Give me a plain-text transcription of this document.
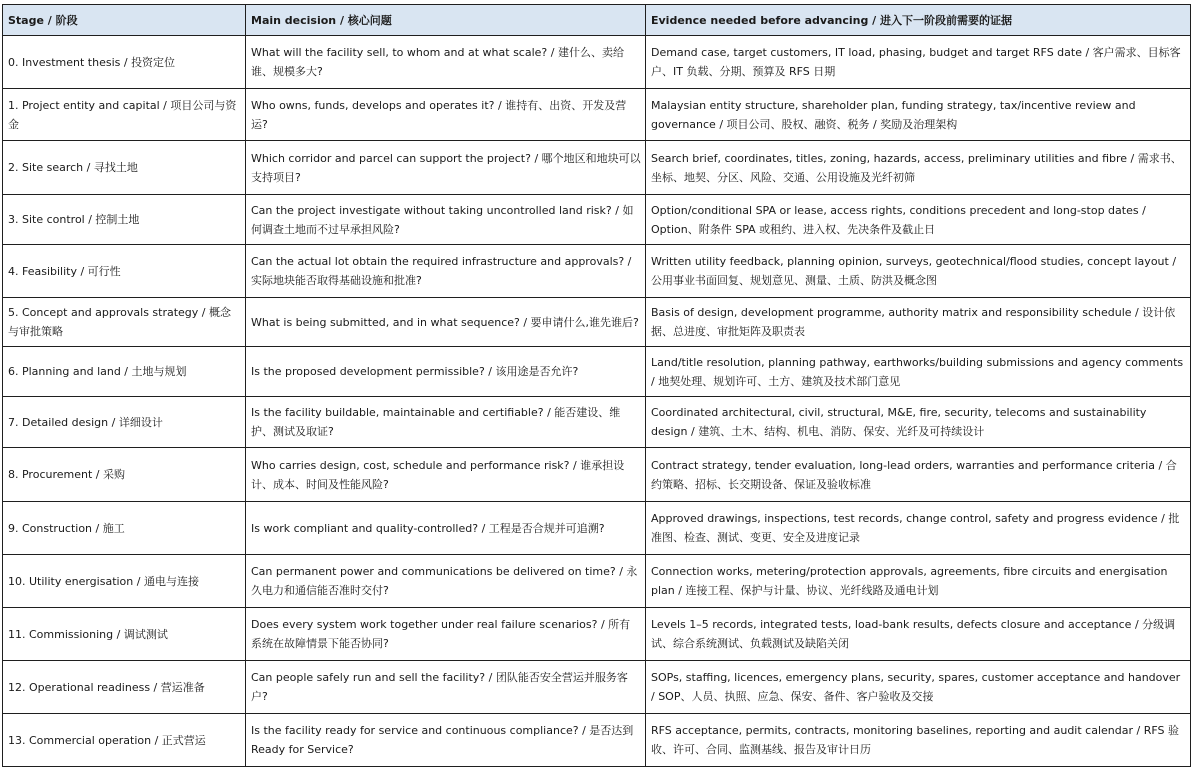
Stage / 阶段	Main decision / 核心问题	Evidence needed before advancing / 进入下一阶段前需要的证据
0. Investment thesis / 投资定位	What will the facility sell, to whom and at what scale? / 建什么、卖给谁、规模多大?	Demand case, target customers, IT load, phasing, budget and target RFS date / 客户需求、目标客户、IT 负载、分期、预算及 RFS 日期
1. Project entity and capital / 项目公司与资金	Who owns, funds, develops and operates it? / 谁持有、出资、开发及营运?	Malaysian entity structure, shareholder plan, funding strategy, tax/incentive review and governance / 项目公司、股权、融资、税务 / 奖励及治理架构
2. Site search / 寻找土地	Which corridor and parcel can support the project? / 哪个地区和地块可以支持项目?	Search brief, coordinates, titles, zoning, hazards, access, preliminary utilities and fibre / 需求书、坐标、地契、分区、风险、交通、公用设施及光纤初筛
3. Site control / 控制土地	Can the project investigate without taking uncontrolled land risk? / 如何调查土地而不过早承担风险?	Option/conditional SPA or lease, access rights, conditions precedent and long-stop dates / Option、附条件 SPA 或租约、进入权、先决条件及截止日
4. Feasibility / 可行性	Can the actual lot obtain the required infrastructure and approvals? / 实际地块能否取得基础设施和批准?	Written utility feedback, planning opinion, surveys, geotechnical/flood studies, concept layout / 公用事业书面回复、规划意见、测量、土质、防洪及概念图
5. Concept and approvals strategy / 概念与审批策略	What is being submitted, and in what sequence? / 要申请什么,谁先谁后?	Basis of design, development programme, authority matrix and responsibility schedule / 设计依据、总进度、审批矩阵及职责表
6. Planning and land / 土地与规划	Is the proposed development permissible? / 该用途是否允许?	Land/title resolution, planning pathway, earthworks/building submissions and agency comments / 地契处理、规划许可、土方、建筑及技术部门意见
7. Detailed design / 详细设计	Is the facility buildable, maintainable and certifiable? / 能否建设、维护、测试及取证?	Coordinated architectural, civil, structural, M&E, fire, security, telecoms and sustainability design / 建筑、土木、结构、机电、消防、保安、光纤及可持续设计
8. Procurement / 采购	Who carries design, cost, schedule and performance risk? / 谁承担设计、成本、时间及性能风险?	Contract strategy, tender evaluation, long-lead orders, warranties and performance criteria / 合约策略、招标、长交期设备、保证及验收标准
9. Construction / 施工	Is work compliant and quality-controlled? / 工程是否合规并可追溯?	Approved drawings, inspections, test records, change control, safety and progress evidence / 批准图、检查、测试、变更、安全及进度记录
10. Utility energisation / 通电与连接	Can permanent power and communications be delivered on time? / 永久电力和通信能否准时交付?	Connection works, metering/protection approvals, agreements, fibre circuits and energisation plan / 连接工程、保护与计量、协议、光纤线路及通电计划
11. Commissioning / 调试测试	Does every system work together under real failure scenarios? / 所有系统在故障情景下能否协同?	Levels 1–5 records, integrated tests, load-bank results, defects closure and acceptance / 分级调试、综合系统测试、负载测试及缺陷关闭
12. Operational readiness / 营运准备	Can people safely run and sell the facility? / 团队能否安全营运并服务客户?	SOPs, staffing, licences, emergency plans, security, spares, customer acceptance and handover / SOP、人员、执照、应急、保安、备件、客户验收及交接
13. Commercial operation / 正式营运	Is the facility ready for service and continuous compliance? / 是否达到 Ready for Service?	RFS acceptance, permits, contracts, monitoring baselines, reporting and audit calendar / RFS 验收、许可、合同、监测基线、报告及审计日历
